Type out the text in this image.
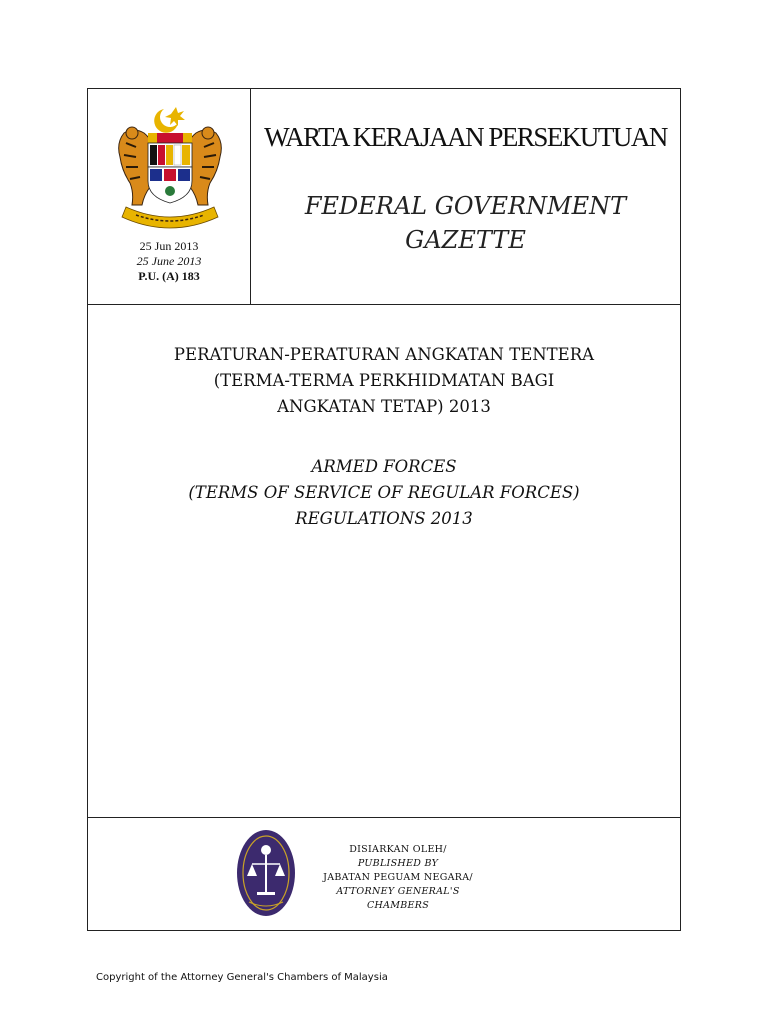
25 Jun 2013
25 June 2013
P.U. (A) 183
WARTA KERAJAAN PERSEKUTUAN
FEDERAL GOVERNMENT
GAZETTE
PERATURAN-PERATURAN ANGKATAN TENTERA
(TERMA-TERMA PERKHIDMATAN BAGI
ANGKATAN TETAP) 2013
ARMED FORCES
(TERMS OF SERVICE OF REGULAR FORCES)
REGULATIONS 2013
DISIARKAN OLEH/
PUBLISHED BY
JABATAN PEGUAM NEGARA/
ATTORNEY GENERAL'S CHAMBERS
Copyright of the Attorney General's Chambers of Malaysia
